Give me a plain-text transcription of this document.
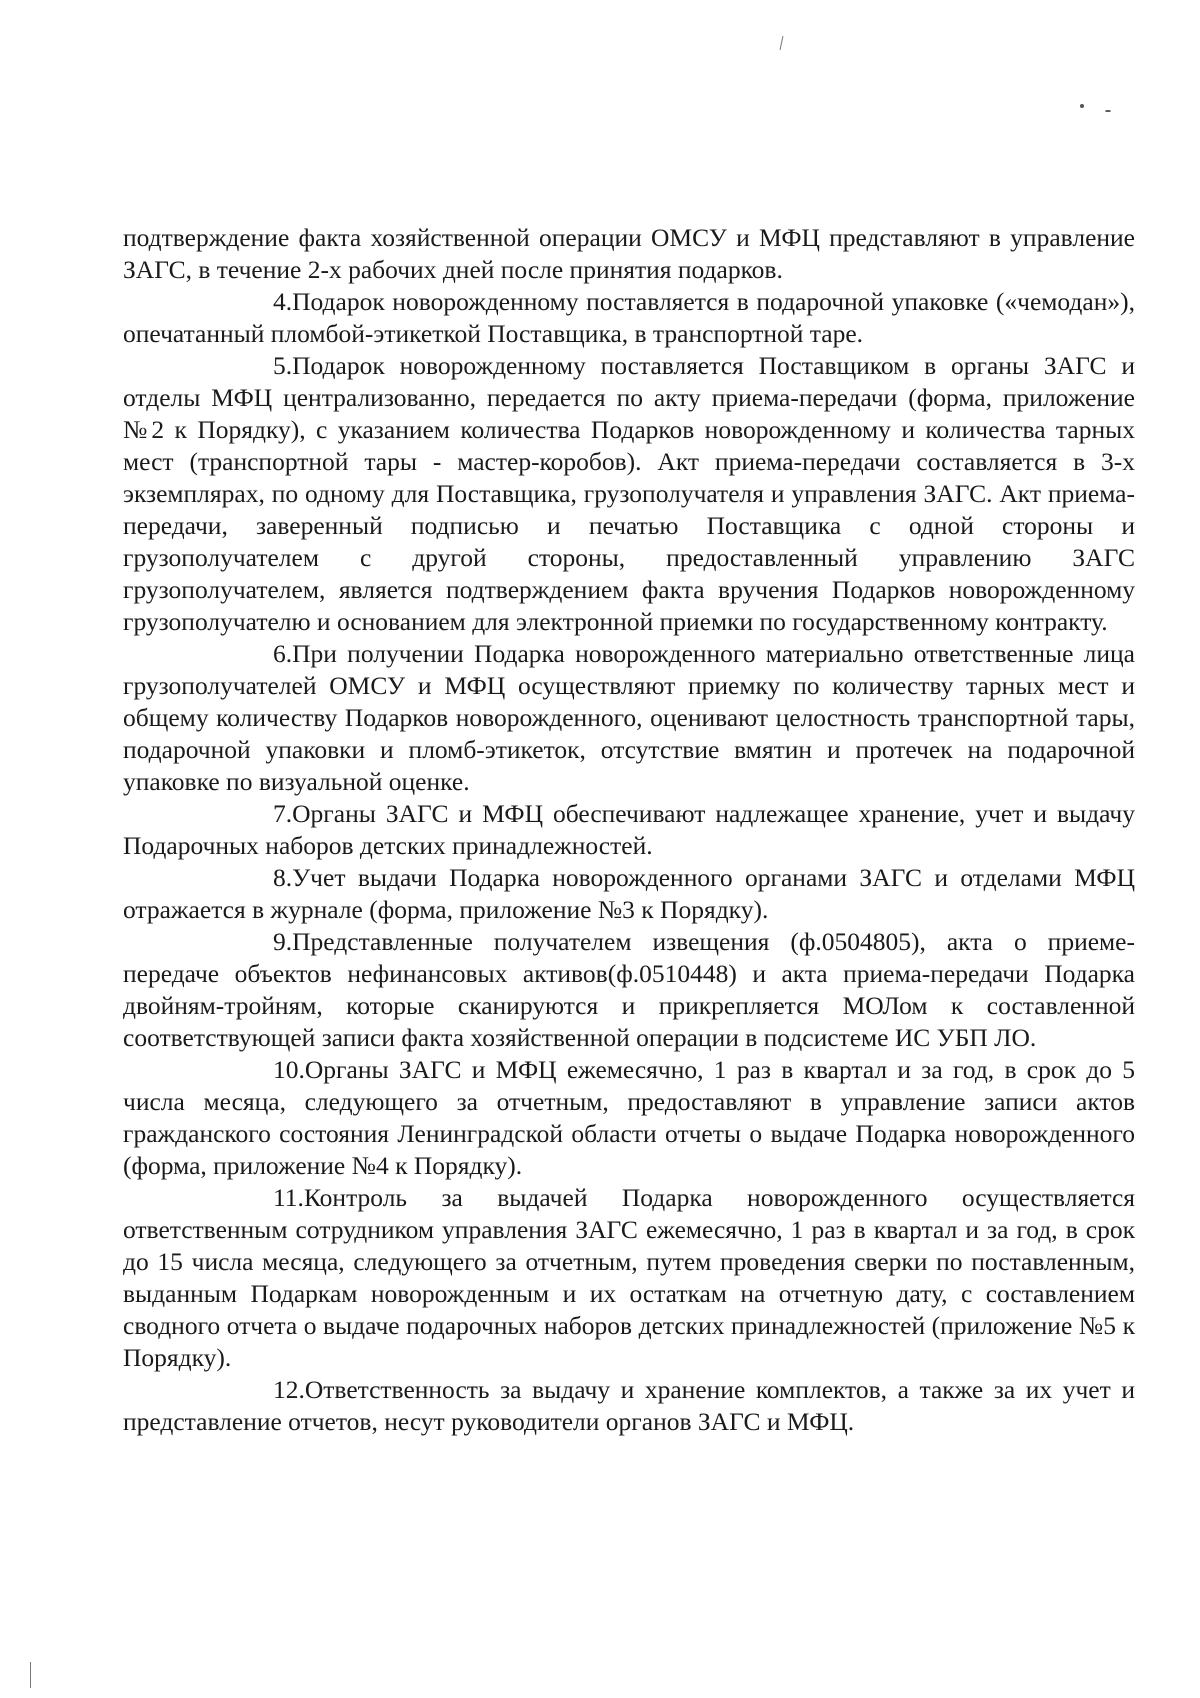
подтверждение факта хозяйственной операции ОМСУ и МФЦ представляют в управление ЗАГС, в течение 2-х рабочих дней после принятия подарков.

4.Подарок новорожденному поставляется в подарочной упаковке («чемодан»), опечатанный пломбой-этикеткой Поставщика, в транспортной таре.

5.Подарок новорожденному поставляется Поставщиком в органы ЗАГС и отделы МФЦ централизованно, передается по акту приема-передачи (форма, приложение №2 к Порядку), с указанием количества Подарков новорожденному и количества тарных мест (транспортной тары - мастер-коробов). Акт приема-передачи составляется в 3-х экземплярах, по одному для Поставщика, грузополучателя и управления ЗАГС. Акт приема-передачи, заверенный подписью и печатью Поставщика с одной стороны и грузополучателем с другой стороны, предоставленный управлению ЗАГС грузополучателем, является подтверждением факта вручения Подарков новорожденному грузополучателю и основанием для электронной приемки по государственному контракту.

6.При получении Подарка новорожденного материально ответственные лица грузополучателей ОМСУ и МФЦ осуществляют приемку по количеству тарных мест и общему количеству Подарков новорожденного, оценивают целостность транспортной тары, подарочной упаковки и пломб-этикеток, отсутствие вмятин и протечек на подарочной упаковке по визуальной оценке.

7.Органы ЗАГС и МФЦ обеспечивают надлежащее хранение, учет и выдачу Подарочных наборов детских принадлежностей.

8.Учет выдачи Подарка новорожденного органами ЗАГС и отделами МФЦ отражается в журнале (форма, приложение №3 к Порядку).

9.Представленные получателем извещения (ф.0504805), акта о приеме-передаче объектов нефинансовых активов(ф.0510448) и акта приема-передачи Подарка двойням-тройням, которые сканируются и прикрепляется МОЛом к составленной соответствующей записи факта хозяйственной операции в подсистеме ИС УБП ЛО.

10.Органы ЗАГС и МФЦ ежемесячно, 1 раз в квартал и за год, в срок до 5 числа месяца, следующего за отчетным, предоставляют в управление записи актов гражданского состояния Ленинградской области отчеты о выдаче Подарка новорожденного (форма, приложение №4 к Порядку).

11.Контроль за выдачей Подарка новорожденного осуществляется ответственным сотрудником управления ЗАГС ежемесячно, 1 раз в квартал и за год, в срок до 15 числа месяца, следующего за отчетным, путем проведения сверки по поставленным, выданным Подаркам новорожденным и их остаткам на отчетную дату, с составлением сводного отчета о выдаче подарочных наборов детских принадлежностей (приложение №5 к Порядку).

12.Ответственность за выдачу и хранение комплектов, а также за их учет и представление отчетов, несут руководители органов ЗАГС и МФЦ.
